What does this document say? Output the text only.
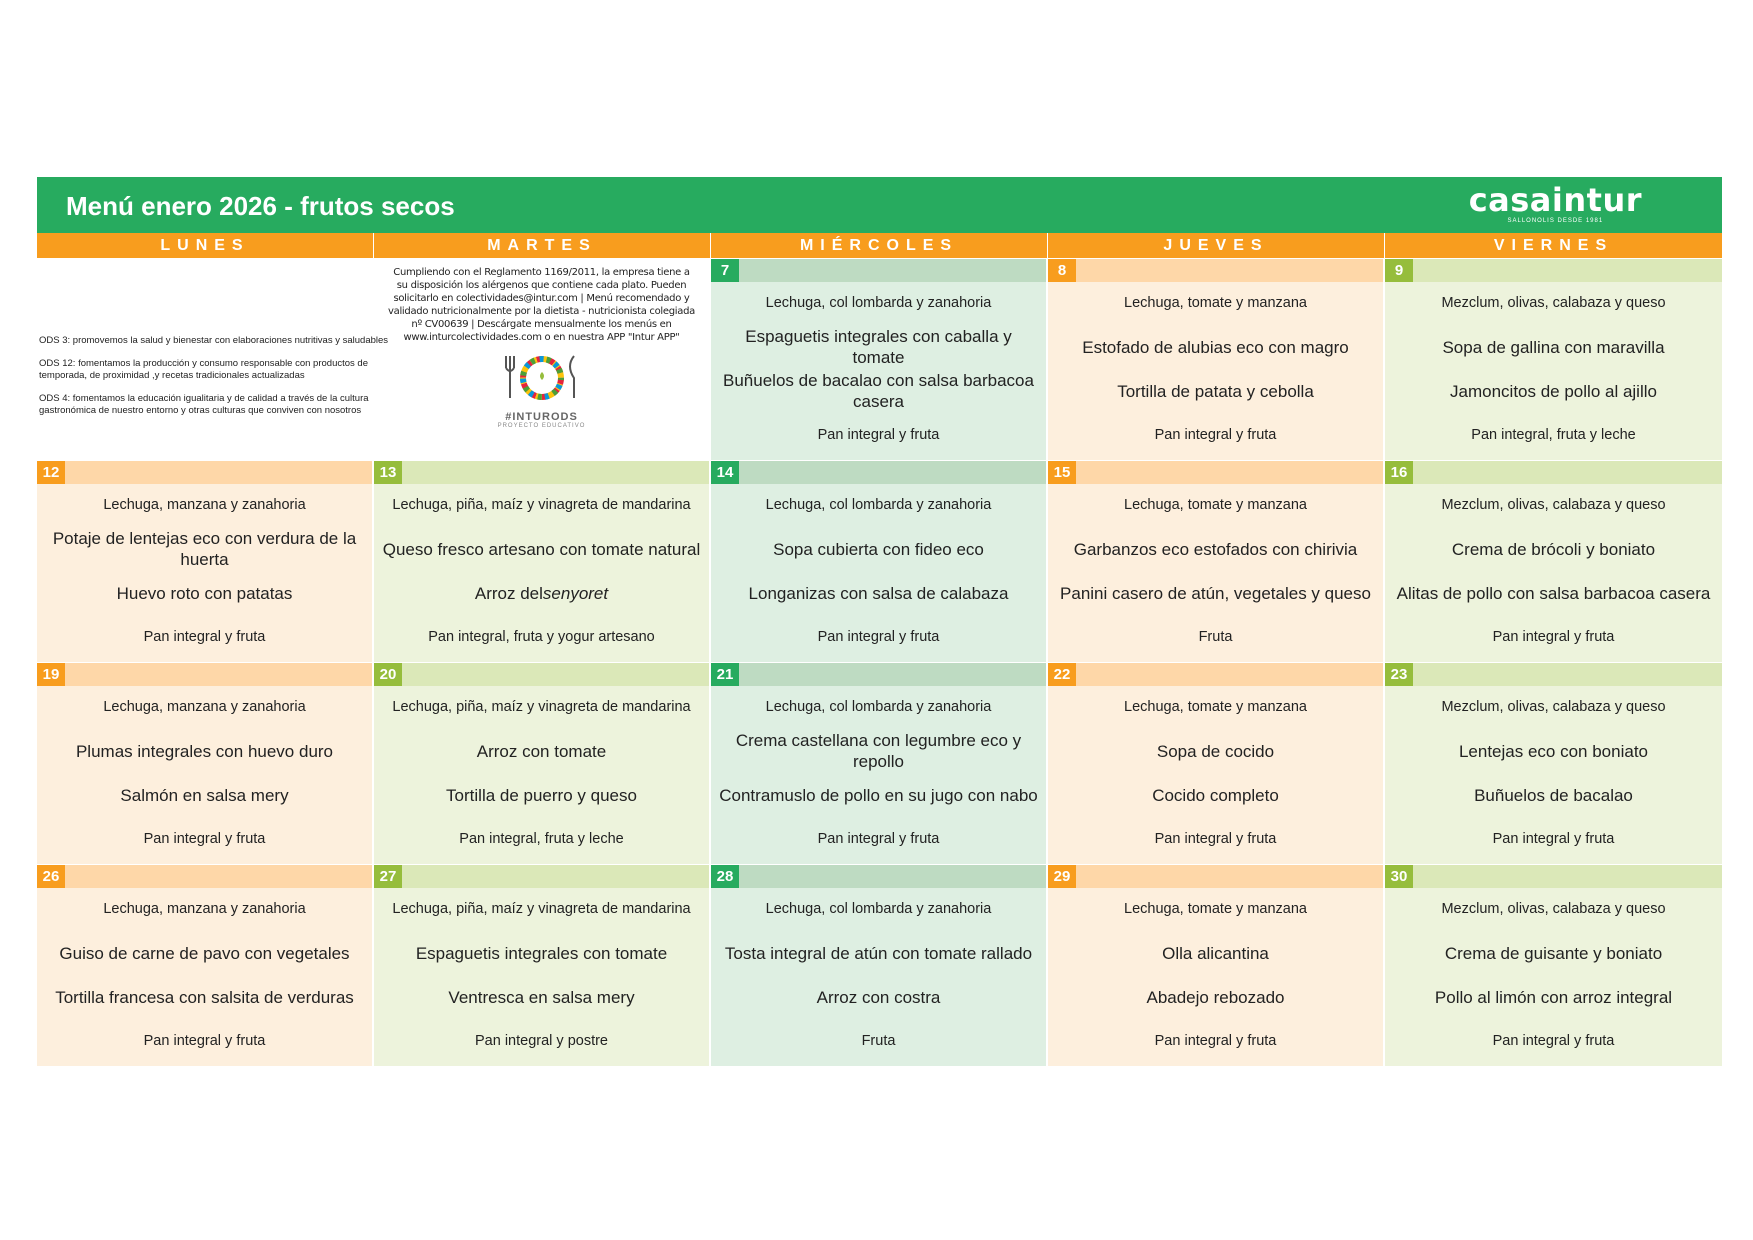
Menú enero 2026 - frutos secos	casaintur
SALLONOLIS DESDE 1981
LUNES	MARTES	MIÉRCOLES	JUEVES	VIERNES

ODS 3: promovemos la salud y bienestar con elaboraciones nutritivas y saludables

ODS 12: fomentamos la producción y consumo responsable con productos de temporada, de proximidad ,y recetas tradicionales actualizadas

ODS 4: fomentamos la educación igualitaria y de calidad a través de la cultura gastronómica de nuestro entorno y otras culturas que conviven con nosotros

Cumpliendo con el Reglamento 1169/2011, la empresa tiene a su disposición los alérgenos que contiene cada plato. Pueden solicitarlo en colectividades@intur.com | Menú recomendado y validado nutricionalmente por la dietista - nutricionista colegiada nº CV00639 | Descárgate mensualmente los menús en www.inturcolectividades.com o en nuestra APP "Intur APP"
#INTURODS
PROYECTO EDUCATIVO
7
Lechuga, col lombarda y zanahoria
Espaguetis integrales con caballa y tomate
Buñuelos de bacalao con salsa barbacoa casera
Pan integral y fruta
8
Lechuga, tomate y manzana
Estofado de alubias eco con magro
Tortilla de patata y cebolla
Pan integral y fruta
9
Mezclum, olivas, calabaza y queso
Sopa de gallina con maravilla
Jamoncitos de pollo al ajillo
Pan integral, fruta y leche
12
Lechuga, manzana y zanahoria
Potaje de lentejas eco con verdura de la huerta
Huevo roto con patatas
Pan integral y fruta
13
Lechuga, piña, maíz y vinagreta de mandarina
Queso fresco artesano con tomate natural
Arroz del senyoret
Pan integral, fruta y yogur artesano
14
Lechuga, col lombarda y zanahoria
Sopa cubierta con fideo eco
Longanizas con salsa de calabaza
Pan integral y fruta
15
Lechuga, tomate y manzana
Garbanzos eco estofados con chirivia
Panini casero de atún, vegetales y queso
Fruta
16
Mezclum, olivas, calabaza y queso
Crema de brócoli y boniato
Alitas de pollo con salsa barbacoa casera
Pan integral y fruta
19
Lechuga, manzana y zanahoria
Plumas integrales con huevo duro
Salmón en salsa mery
Pan integral y fruta
20
Lechuga, piña, maíz y vinagreta de mandarina
Arroz con tomate
Tortilla de puerro y queso
Pan integral, fruta y leche
21
Lechuga, col lombarda y zanahoria
Crema castellana con legumbre eco y repollo
Contramuslo de pollo en su jugo con nabo
Pan integral y fruta
22
Lechuga, tomate y manzana
Sopa de cocido
Cocido completo
Pan integral y fruta
23
Mezclum, olivas, calabaza y queso
Lentejas eco con boniato
Buñuelos de bacalao
Pan integral y fruta
26
Lechuga, manzana y zanahoria
Guiso de carne de pavo con vegetales
Tortilla francesa con salsita de verduras
Pan integral y fruta
27
Lechuga, piña, maíz y vinagreta de mandarina
Espaguetis integrales con tomate
Ventresca en salsa mery
Pan integral y postre
28
Lechuga, col lombarda y zanahoria
Tosta integral de atún con tomate rallado
Arroz con costra
Fruta
29
Lechuga, tomate y manzana
Olla alicantina
Abadejo rebozado
Pan integral y fruta
30
Mezclum, olivas, calabaza y queso
Crema de guisante y boniato
Pollo al limón con arroz integral
Pan integral y fruta
